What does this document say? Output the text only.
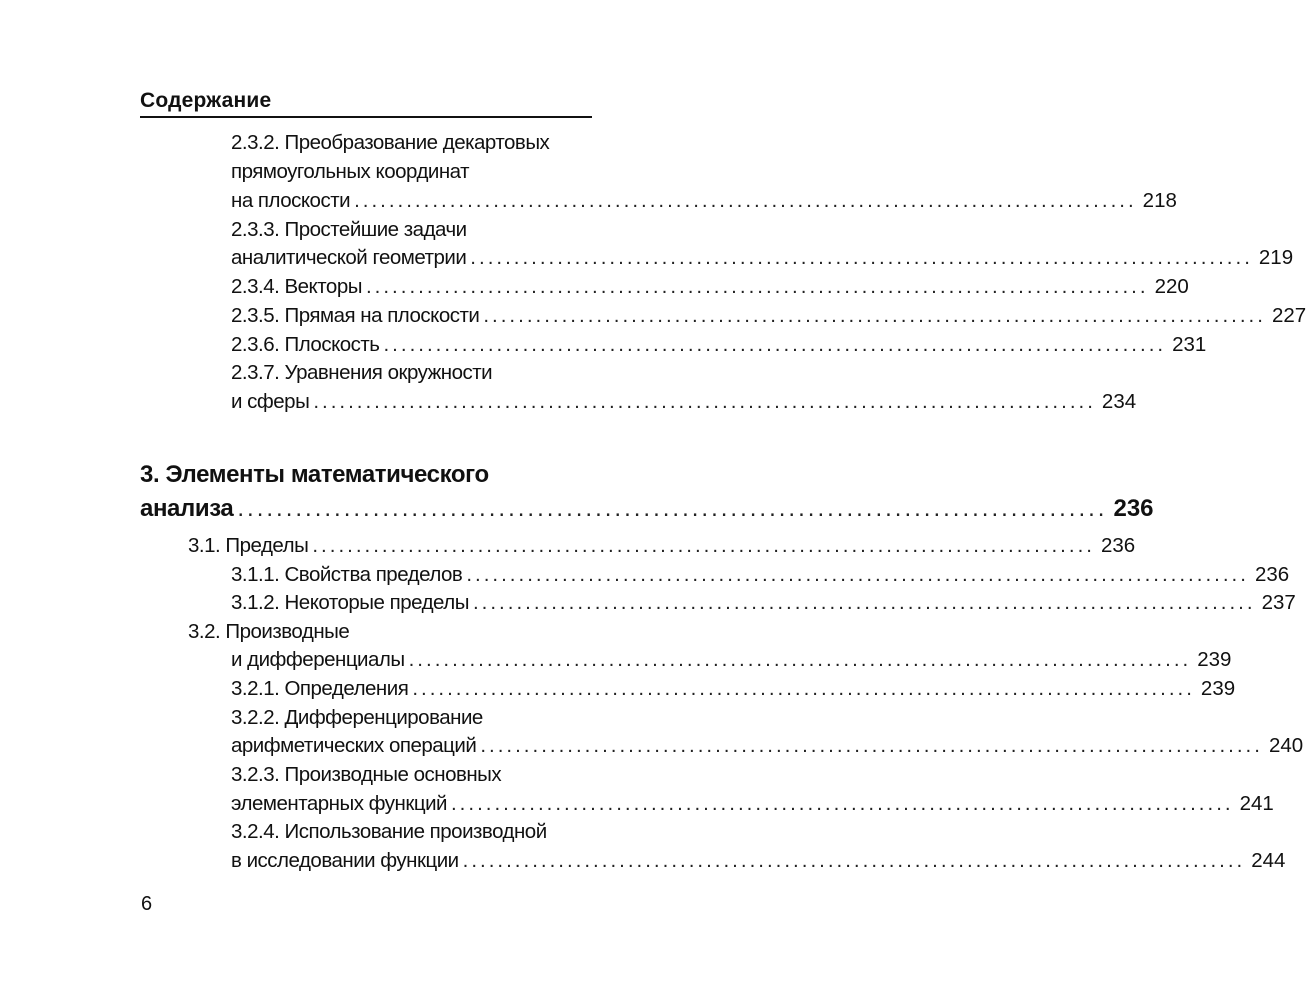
Содержание
2.3.2. Преобразование декартовых
прямоугольных координат
на плоскости .......................................................................................... 218
2.3.3. Простейшие задачи
аналитической геометрии .......................................................................................... 219
2.3.4. Векторы .......................................................................................... 220
2.3.5. Прямая на плоскости .......................................................................................... 227
2.3.6. Плоскость .......................................................................................... 231
2.3.7. Уравнения окружности
и сферы .......................................................................................... 234
3. Элементы математического
анализа .......................................................................................... 236
3.1. Пределы .......................................................................................... 236
3.1.1. Свойства пределов .......................................................................................... 236
3.1.2. Некоторые пределы .......................................................................................... 237
3.2. Производные
и дифференциалы .......................................................................................... 239
3.2.1. Определения .......................................................................................... 239
3.2.2. Дифференцирование
арифметических операций .......................................................................................... 240
3.2.3. Производные основных
элементарных функций .......................................................................................... 241
3.2.4. Использование производной
в исследовании функции .......................................................................................... 244
6
